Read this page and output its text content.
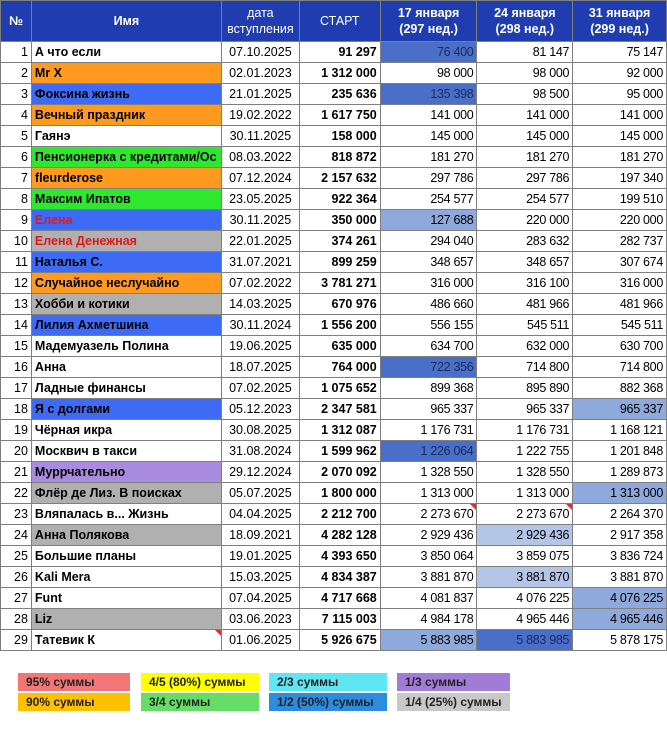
№	Имя	дата
вступления	СТАРТ	17 января
(297 нед.)	24 января
(298 нед.)	31 января
(299 нед.)
1	А что если	07.10.2025	91 297	76 400	81 147	75 147
2	Mr X	02.01.2023	1 312 000	98 000	98 000	92 000
3	Фоксина жизнь	21.01.2025	235 636	135 398	98 500	95 000
4	Вечный праздник	19.02.2022	1 617 750	141 000	141 000	141 000
5	Гаянэ	30.11.2025	158 000	145 000	145 000	145 000
6	Пенсионерка с кредитами/Ос	08.03.2022	818 872	181 270	181 270	181 270
7	fleurderose	07.12.2024	2 157 632	297 786	297 786	197 340
8	Максим Ипатов	23.05.2025	922 364	254 577	254 577	199 510
9	Елена	30.11.2025	350 000	127 688	220 000	220 000
10	Елена Денежная	22.01.2025	374 261	294 040	283 632	282 737
11	Наталья С.	31.07.2021	899 259	348 657	348 657	307 674
12	Случайное неслучайно	07.02.2022	3 781 271	316 000	316 100	316 000
13	Хобби и котики	14.03.2025	670 976	486 660	481 966	481 966
14	Лилия Ахметшина	30.11.2024	1 556 200	556 155	545 511	545 511
15	Мадемуазель Полина	19.06.2025	635 000	634 700	632 000	630 700
16	Анна	18.07.2025	764 000	722 356	714 800	714 800
17	Ладные финансы	07.02.2025	1 075 652	899 368	895 890	882 368
18	Я с долгами	05.12.2023	2 347 581	965 337	965 337	965 337
19	Чёрная икра	30.08.2025	1 312 087	1 176 731	1 176 731	1 168 121
20	Москвич в такси	31.08.2024	1 599 962	1 226 064	1 222 755	1 201 848
21	Муррчательно	29.12.2024	2 070 092	1 328 550	1 328 550	1 289 873
22	Флёр де Лиз. В поисках	05.07.2025	1 800 000	1 313 000	1 313 000	1 313 000
23	Вляпалась в... Жизнь	04.04.2025	2 212 700	2 273 670	2 273 670	2 264 370
24	Анна Полякова	18.09.2021	4 282 128	2 929 436	2 929 436	2 917 358
25	Большие планы	19.01.2025	4 393 650	3 850 064	3 859 075	3 836 724
26	Kali Mera	15.03.2025	4 834 387	3 881 870	3 881 870	3 881 870
27	Funt	07.04.2025	4 717 668	4 081 837	4 076 225	4 076 225
28	Liz	03.06.2023	7 115 003	4 984 178	4 965 446	4 965 446
29	Татевик К	01.06.2025	5 926 675	5 883 985	5 883 985	5 878 175
95% суммы
90% суммы
4/5 (80%) суммы
3/4 суммы
2/3 суммы
1/2 (50%) суммы
1/3 суммы
1/4 (25%) суммы
